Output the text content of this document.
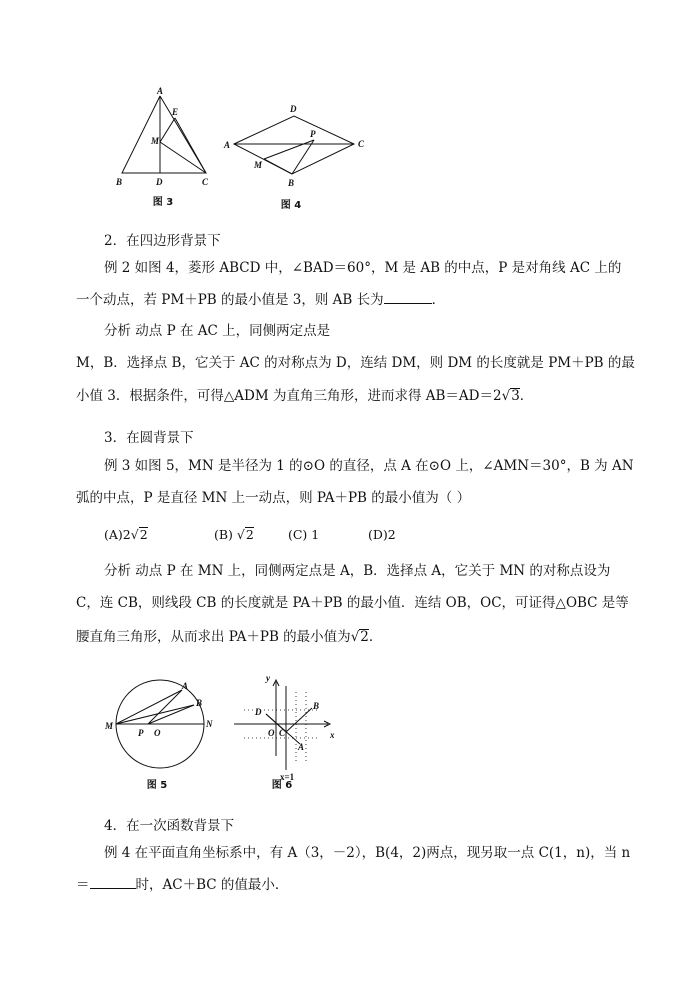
A
E
M
B	D	C
图 3
D
A
P
C
M
B
图 4
2．在四边形背景下
例 2 如图 4，菱形 ABCD 中，∠BAD＝60°，M 是 AB 的中点，P 是对角线 AC 上的
一个动点，若 PM＋PB 的最小值是 3，则 AB 长为	．
分析 动点 P 在 AC 上，同侧两定点是
M，B．选择点 B，它关于 AC 的对称点为 D，连结 DM，则 DM 的长度就是 PM＋PB 的最
小值 3．根据条件，可得△ADM 为直角三角形，进而求得 AB＝AD＝2√3．
3．在圆背景下
例 3 如图 5，MN 是半径为 1 的⊙O 的直径，点 A 在⊙O 上，∠AMN＝30°，B 为 AN
弧的中点，P 是直径 MN 上一动点，则 PA＋PB 的最小值为（ ）
(A)2√2	(B) √2	(C) 1	(D)2
分析 动点 P 在 MN 上，同侧两定点是 A，B．选择点 A，它关于 MN 的对称点设为
C，连 CB，则线段 CB 的长度就是 PA＋PB 的最小值．连结 OB，OC，可证得△OBC 是等
腰直角三角形，从而求出 PA＋PB 的最小值为√2．
A
B
M
P O
N
图 5
y
D
B
O C
A
x
x=1
图 6
4．在一次函数背景下
例 4 在平面直角坐标系中，有 A（3，－2），B(4，2)两点，现另取一点 C(1，n)，当 n
＝	时，AC＋BC 的值最小．
